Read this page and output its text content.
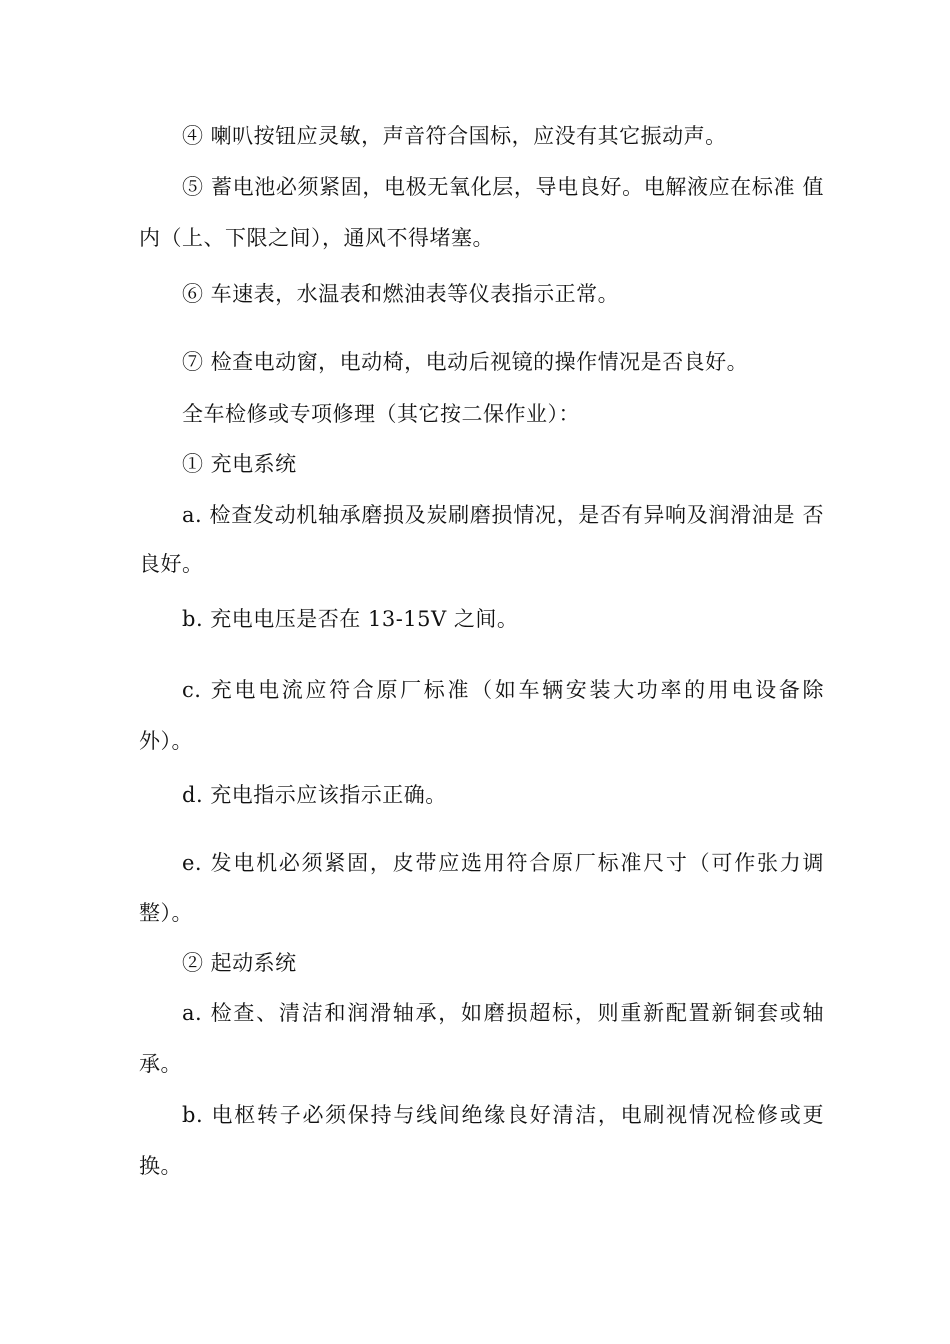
④ 喇叭按钮应灵敏，声音符合国标，应没有其它振动声。
⑤ 蓄电池必须紧固，电极无氧化层，导电良好。电解液应在标准 值
内（上、下限之间），通风不得堵塞。
⑥ 车速表，水温表和燃油表等仪表指示正常。
⑦ 检查电动窗，电动椅，电动后视镜的操作情况是否良好。
全车检修或专项修理（其它按二保作业）：
① 充电系统
a. 检查发动机轴承磨损及炭刷磨损情况，是否有异响及润滑油是 否
良好。
b. 充电电压是否在 13-15V 之间。
c. 充电电流应符合原厂标准（如车辆安装大功率的用电设备除
外）。
d. 充电指示应该指示正确。
e. 发电机必须紧固，皮带应选用符合原厂标准尺寸（可作张力调
整）。
② 起动系统
a. 检查、清洁和润滑轴承，如磨损超标，则重新配置新铜套或轴
承。
b. 电枢转子必须保持与线间绝缘良好清洁，电刷视情况检修或更
换。
